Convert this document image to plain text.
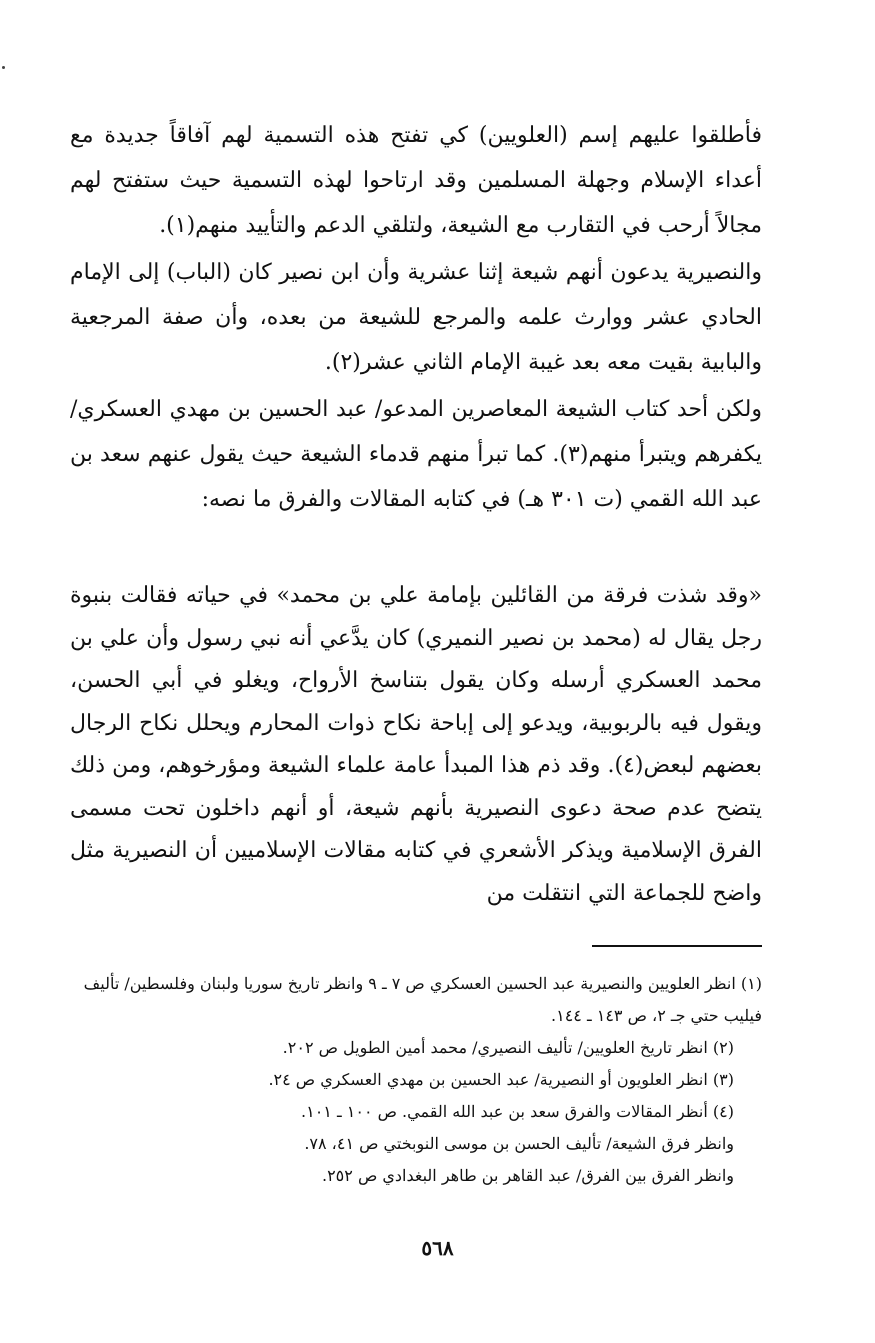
فأطلقوا عليهم إسم (العلويين) كي تفتح هذه التسمية لهم آفاقاً جديدة مع أعداء الإسلام وجهلة المسلمين وقد ارتاحوا لهذه التسمية حيث ستفتح لهم مجالاً أرحب في التقارب مع الشيعة، ولتلقي الدعم والتأييد منهم(١).

والنصيرية يدعون أنهم شيعة إثنا عشرية وأن ابن نصير كان (الباب) إلى الإمام الحادي عشر ووارث علمه والمرجع للشيعة من بعده، وأن صفة المرجعية والبابية بقيت معه بعد غيبة الإمام الثاني عشر(٢).

ولكن أحد كتاب الشيعة المعاصرين المدعو/ عبد الحسين بن مهدي العسكري/ يكفرهم ويتبرأ منهم(٣). كما تبرأ منهم قدماء الشيعة حيث يقول عنهم سعد بن عبد الله القمي (ت ٣٠١ هـ) في كتابه المقالات والفرق ما نصه:

«وقد شذت فرقة من القائلين بإمامة علي بن محمد» في حياته فقالت بنبوة رجل يقال له (محمد بن نصير النميري) كان يدَّعي أنه نبي رسول وأن علي بن محمد العسكري أرسله وكان يقول بتناسخ الأرواح، ويغلو في أبي الحسن، ويقول فيه بالربوبية، ويدعو إلى إباحة نكاح ذوات المحارم ويحلل نكاح الرجال بعضهم لبعض(٤). وقد ذم هذا المبدأ عامة علماء الشيعة ومؤرخوهم، ومن ذلك يتضح عدم صحة دعوى النصيرية بأنهم شيعة، أو أنهم داخلون تحت مسمى الفرق الإسلامية ويذكر الأشعري في كتابه مقالات الإسلاميين أن النصيرية مثل واضح للجماعة التي انتقلت من

(١) انظر العلويين والنصيرية عبد الحسين العسكري ص ٧ ـ ٩ وانظر تاريخ سوريا ولبنان وفلسطين/ تأليف فيليب حتي جـ ٢، ص ١٤٣ ـ ١٤٤.

(٢) انظر تاريخ العلويين/ تأليف النصيري/ محمد أمين الطويل ص ٢٠٢.

(٣) انظر العلويون أو النصيرية/ عبد الحسين بن مهدي العسكري ص ٢٤.

(٤) أنظر المقالات والفرق سعد بن عبد الله القمي. ص ١٠٠ ـ ١٠١.

وانظر فرق الشيعة/ تأليف الحسن بن موسى النوبختي ص ٤١، ٧٨.

وانظر الفرق بين الفرق/ عبد القاهر بن طاهر البغدادي ص ٢٥٢.

٥٦٨
